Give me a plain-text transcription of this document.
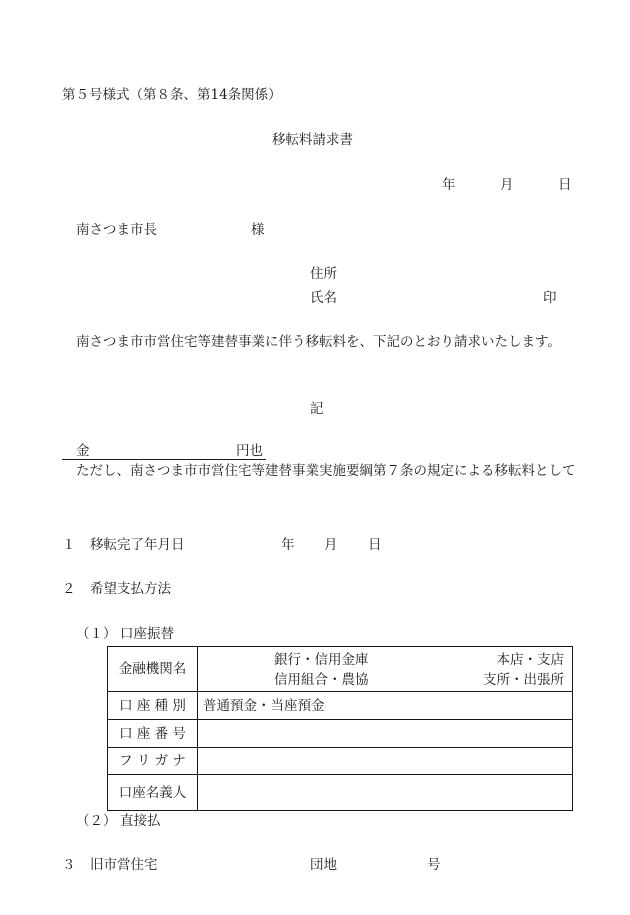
第５号様式（第８条、第14条関係）
移転料請求書
年	月	日
南さつま市長	様
住所
氏名	印
南さつま市市営住宅等建替事業に伴う移転料を、下記のとおり請求いたします。
記
金	円也
ただし、南さつま市市営住宅等建替事業実施要綱第７条の規定による移転料として
１ 移転完了年月日	年 月 日
２ 希望支払方法
（１） 口座振替
金融機関名	銀行・信用金庫 本店・支店
信用組合・農協 支所・出張所

口 座 種 別	普通預金・当座預金
口 座 番 号	
フ リ ガ ナ	
口座名義人	
（２） 直接払
３ 旧市営住宅	団地	号
